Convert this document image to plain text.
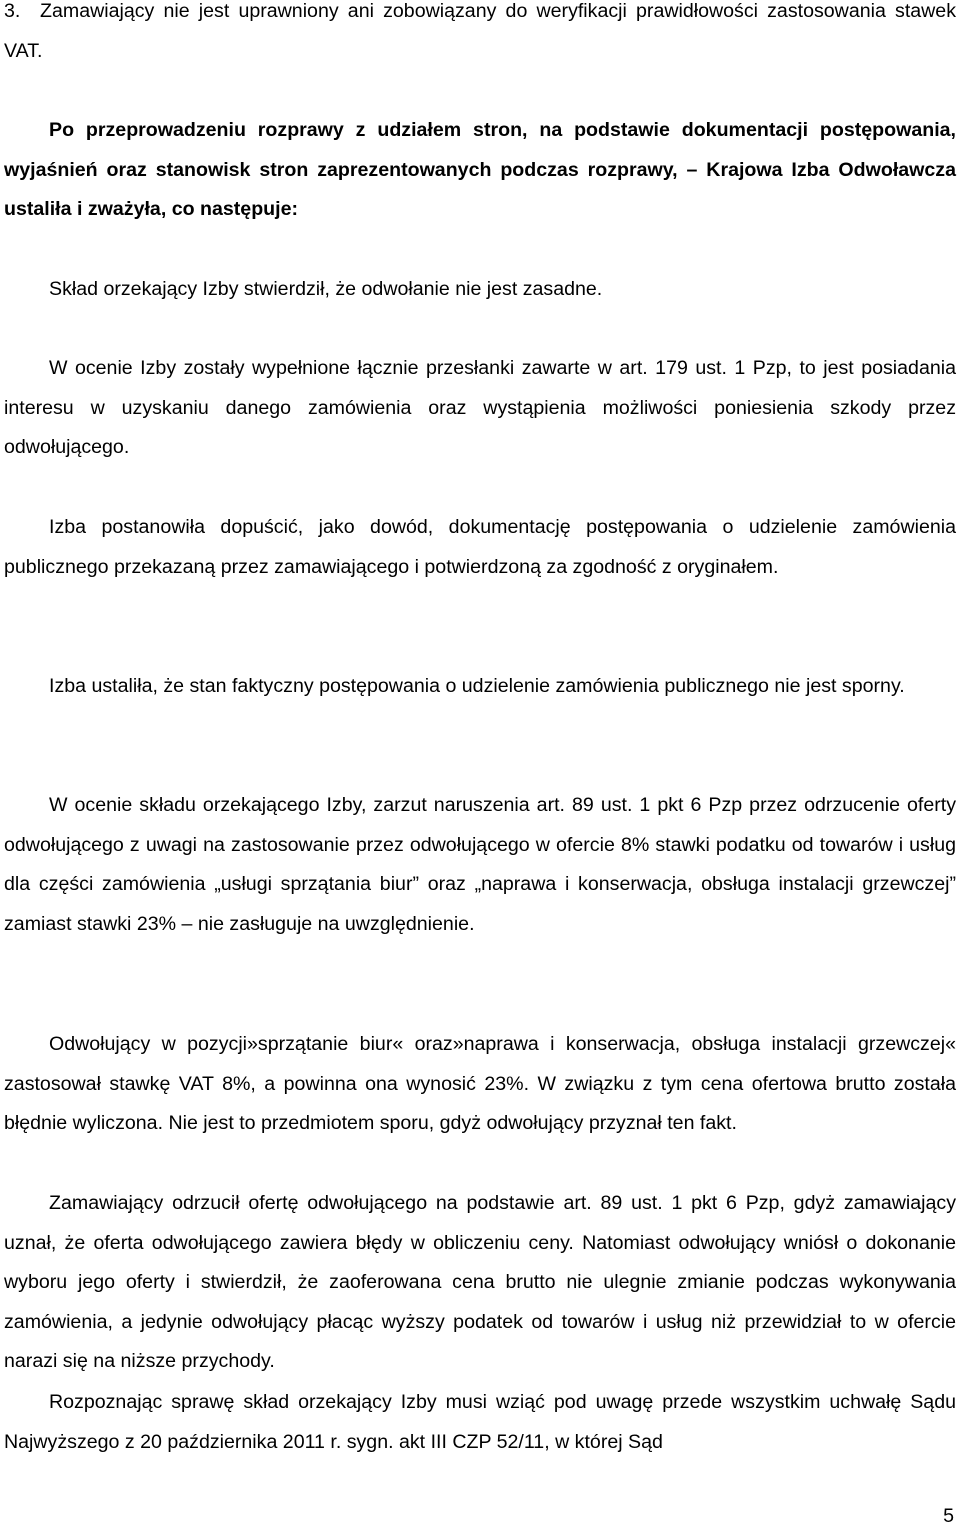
3. Zamawiający nie jest uprawniony ani zobowiązany do weryfikacji prawidłowości zastosowania stawek VAT.

Po przeprowadzeniu rozprawy z udziałem stron, na podstawie dokumentacji postępowania, wyjaśnień oraz stanowisk stron zaprezentowanych podczas rozprawy, – Krajowa Izba Odwoławcza ustaliła i zważyła, co następuje:

Skład orzekający Izby stwierdził, że odwołanie nie jest zasadne.

W ocenie Izby zostały wypełnione łącznie przesłanki zawarte w art. 179 ust. 1 Pzp, to jest posiadania interesu w uzyskaniu danego zamówienia oraz wystąpienia możliwości poniesienia szkody przez odwołującego.

Izba postanowiła dopuścić, jako dowód, dokumentację postępowania o udzielenie zamówienia publicznego przekazaną przez zamawiającego i potwierdzoną za zgodność z oryginałem.

Izba ustaliła, że stan faktyczny postępowania o udzielenie zamówienia publicznego nie jest sporny.

W ocenie składu orzekającego Izby, zarzut naruszenia art. 89 ust. 1 pkt 6 Pzp przez odrzucenie oferty odwołującego z uwagi na zastosowanie przez odwołującego w ofercie 8% stawki podatku od towarów i usług dla części zamówienia „usługi sprzątania biur” oraz „naprawa i konserwacja, obsługa instalacji grzewczej” zamiast stawki 23% – nie zasługuje na uwzględnienie.

Odwołujący w pozycji»sprzątanie biur« oraz»naprawa i konserwacja, obsługa instalacji grzewczej« zastosował stawkę VAT 8%, a powinna ona wynosić 23%. W związku z tym cena ofertowa brutto została błędnie wyliczona. Nie jest to przedmiotem sporu, gdyż odwołujący przyznał ten fakt.

Zamawiający odrzucił ofertę odwołującego na podstawie art. 89 ust. 1 pkt 6 Pzp, gdyż zamawiający uznał, że oferta odwołującego zawiera błędy w obliczeniu ceny. Natomiast odwołujący wniósł o dokonanie wyboru jego oferty i stwierdził, że zaoferowana cena brutto nie ulegnie zmianie podczas wykonywania zamówienia, a jedynie odwołujący płacąc wyższy podatek od towarów i usług niż przewidział to w ofercie narazi się na niższe przychody.

Rozpoznając sprawę skład orzekający Izby musi wziąć pod uwagę przede wszystkim uchwałę Sądu Najwyższego z 20 października 2011 r. sygn. akt III CZP 52/11, w której Sąd

5
